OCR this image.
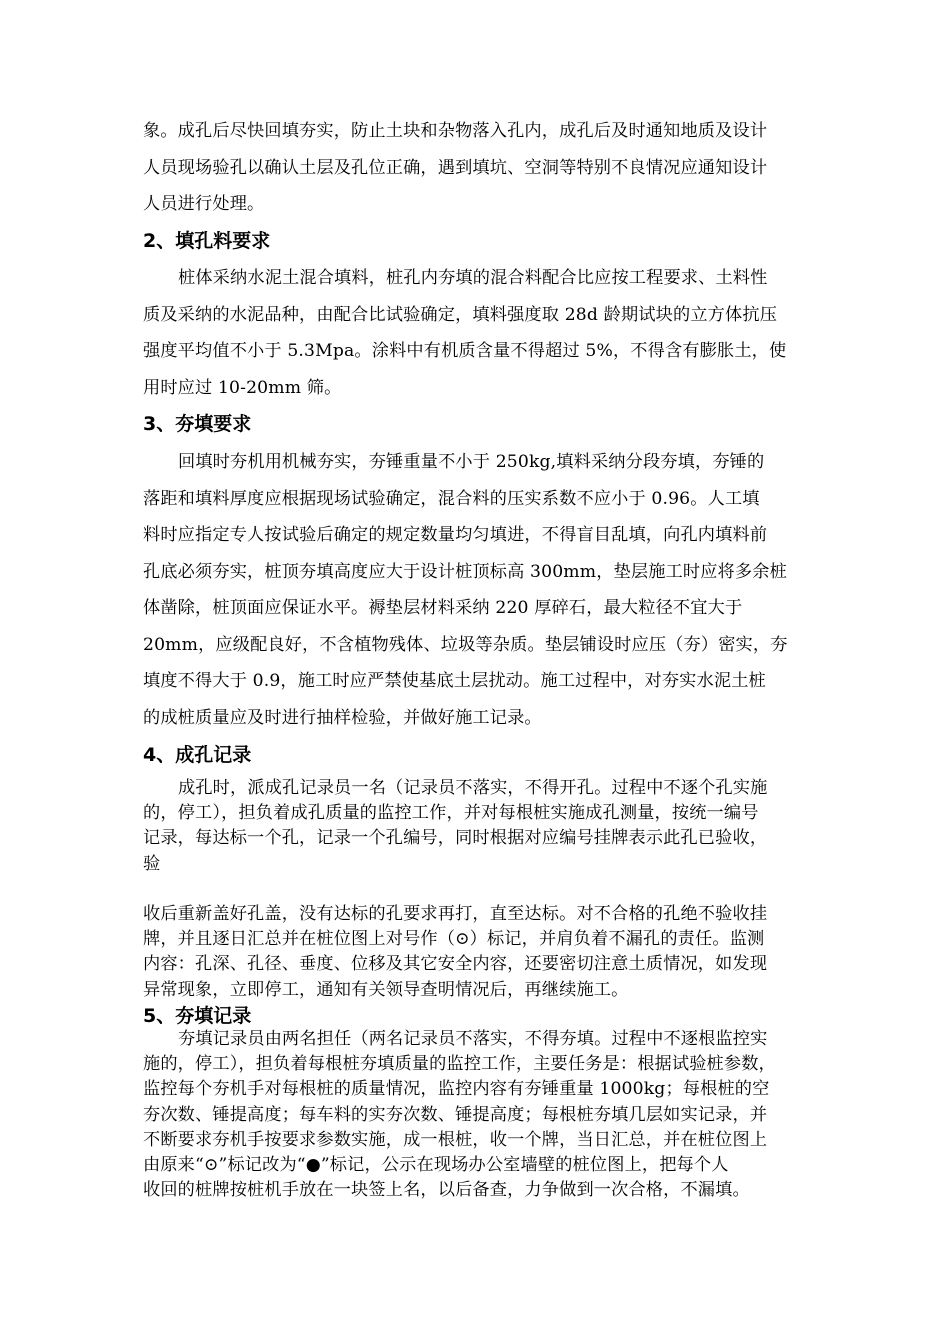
象。成孔后尽快回填夯实，防止土块和杂物落入孔内，成孔后及时通知地质及设计
人员现场验孔以确认土层及孔位正确，遇到填坑、空洞等特别不良情况应通知设计
人员进行处理。
2、填孔料要求
桩体采纳水泥土混合填料，桩孔内夯填的混合料配合比应按工程要求、土料性
质及采纳的水泥品种，由配合比试验确定，填料强度取 28d 龄期试块的立方体抗压
强度平均值不小于 5.3Mpa。涂料中有机质含量不得超过 5%，不得含有膨胀土，使
用时应过 10-20mm 筛。
3、夯填要求
回填时夯机用机械夯实，夯锤重量不小于 250kg,填料采纳分段夯填，夯锤的
落距和填料厚度应根据现场试验确定，混合料的压实系数不应小于 0.96。人工填
料时应指定专人按试验后确定的规定数量均匀填进，不得盲目乱填，向孔内填料前
孔底必须夯实，桩顶夯填高度应大于设计桩顶标高 300mm，垫层施工时应将多余桩
体凿除，桩顶面应保证水平。褥垫层材料采纳 220 厚碎石，最大粒径不宜大于
20mm，应级配良好，不含植物残体、垃圾等杂质。垫层铺设时应压（夯）密实，夯
填度不得大于 0.9，施工时应严禁使基底土层扰动。施工过程中，对夯实水泥土桩
的成桩质量应及时进行抽样检验，并做好施工记录。
4、成孔记录
成孔时，派成孔记录员一名（记录员不落实，不得开孔。过程中不逐个孔实施
的，停工），担负着成孔质量的监控工作，并对每根桩实施成孔测量，按统一编号
记录，每达标一个孔，记录一个孔编号，同时根据对应编号挂牌表示此孔已验收，
验
收后重新盖好孔盖，没有达标的孔要求再打，直至达标。对不合格的孔绝不验收挂
牌，并且逐日汇总并在桩位图上对号作（⊙）标记，并肩负着不漏孔的责任。监测
内容：孔深、孔径、垂度、位移及其它安全内容，还要密切注意土质情况，如发现
异常现象，立即停工，通知有关领导查明情况后，再继续施工。
5、夯填记录
夯填记录员由两名担任（两名记录员不落实，不得夯填。过程中不逐根监控实
施的，停工），担负着每根桩夯填质量的监控工作，主要任务是：根据试验桩参数，
监控每个夯机手对每根桩的质量情况，监控内容有夯锤重量 1000kg；每根桩的空
夯次数、锤提高度；每车料的实夯次数、锤提高度；每根桩夯填几层如实记录，并
不断要求夯机手按要求参数实施，成一根桩，收一个牌，当日汇总，并在桩位图上
由原来“⊙”标记改为“●”标记，公示在现场办公室墙壁的桩位图上，把每个人
收回的桩牌按桩机手放在一块签上名，以后备查，力争做到一次合格，不漏填。
